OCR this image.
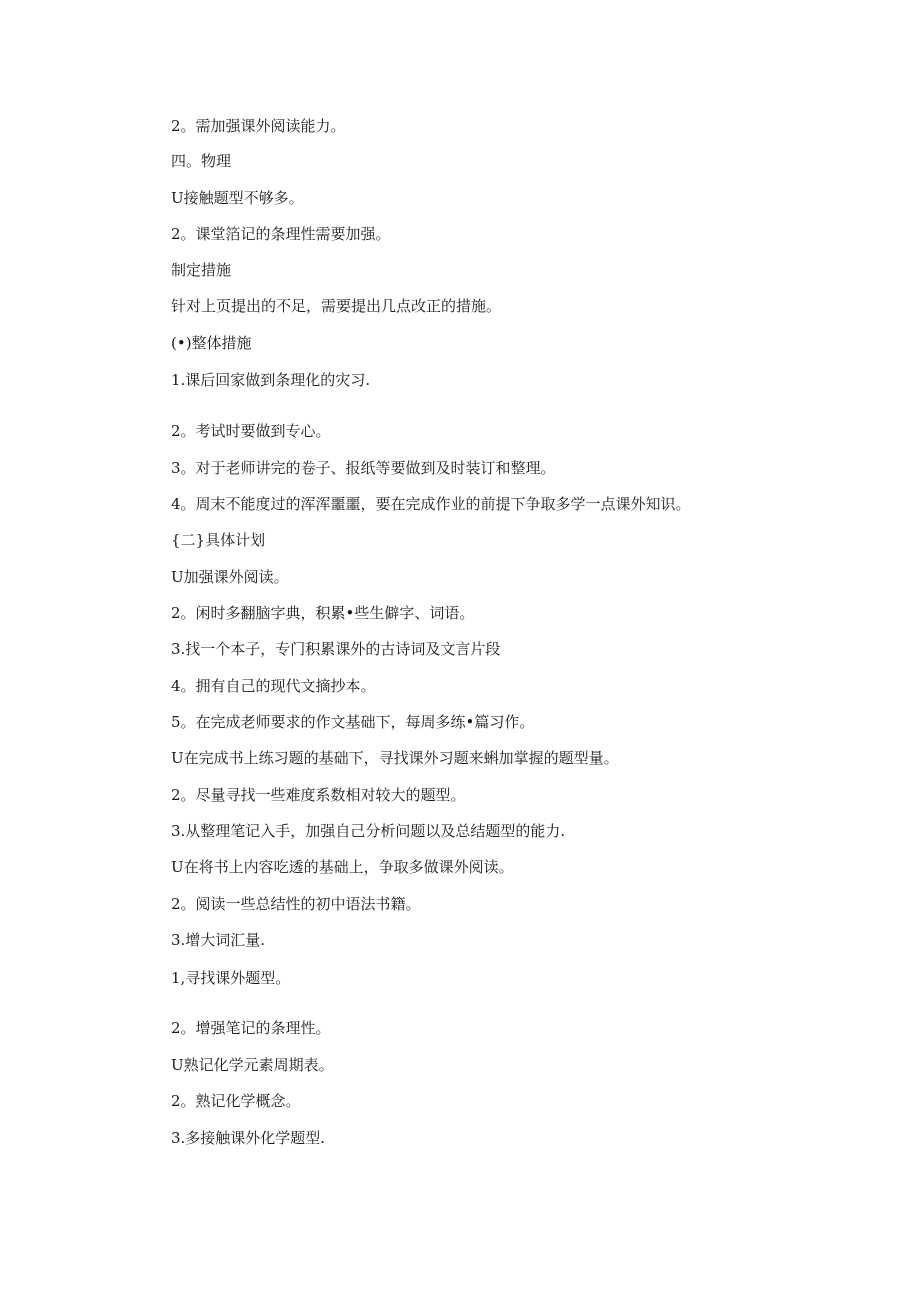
2。需加强课外阅读能力。
四。物理
U接触题型不够多。
2。课堂箔记的条理性需要加强。
制定措施
针对上页提出的不足，需要提出几点改正的措施。
(•)整体措施
1.课后回家做到条理化的灾习.
2。考试时要做到专心。
3。对于老师讲完的卷子、报纸等要做到及时装订和整理。
4。周末不能度过的浑浑噩噩，要在完成作业的前提下争取多学一点课外知识。
{二}具体计划
U加强课外阅读。
2。闲时多翻脑字典，积累•些生僻字、词语。
3.找一个本子，专门积累课外的古诗词及文言片段
4。拥有自己的现代文摘抄本。
5。在完成老师要求的作文基础下，每周多练•篇习作。
U在完成书上练习题的基础下，寻找课外习题来蝌加掌握的题型量。
2。尽量寻找一些难度系数相对较大的题型。
3.从整理笔记入手，加强自己分析问题以及总结题型的能力.
U在将书上内容吃透的基础上，争取多做课外阅读。
2。阅读一些总结性的初中语法书籍。
3.增大词汇量.
1,寻找课外题型。
2。增强笔记的条理性。
U熟记化学元素周期表。
2。熟记化学概念。
3.多接触课外化学题型.
